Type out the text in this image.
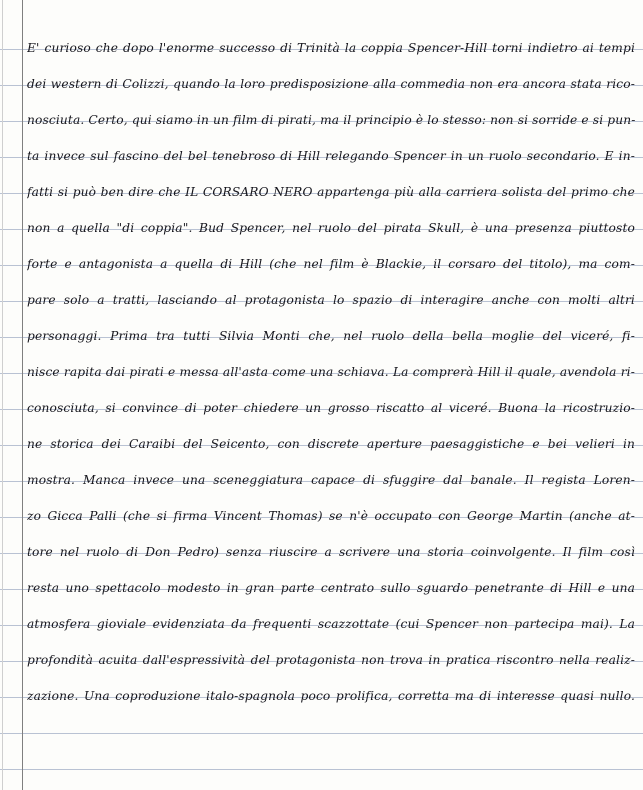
E' curioso che dopo l'enorme successo di Trinità la coppia Spencer-Hill torni indietro ai tempi
dei western di Colizzi, quando la loro predisposizione alla commedia non era ancora stata rico-
nosciuta. Certo, qui siamo in un film di pirati, ma il principio è lo stesso: non si sorride e si pun-
ta invece sul fascino del bel tenebroso di Hill relegando Spencer in un ruolo secondario. E in-
fatti si può ben dire che IL CORSARO NERO appartenga più alla carriera solista del primo che
non a quella "di coppia". Bud Spencer, nel ruolo del pirata Skull, è una presenza piuttosto
forte e antagonista a quella di Hill (che nel film è Blackie, il corsaro del titolo), ma com-
pare solo a tratti, lasciando al protagonista lo spazio di interagire anche con molti altri
personaggi. Prima tra tutti Silvia Monti che, nel ruolo della bella moglie del viceré, fi-
nisce rapita dai pirati e messa all'asta come una schiava. La comprerà Hill il quale, avendola ri-
conosciuta, si convince di poter chiedere un grosso riscatto al viceré. Buona la ricostruzio-
ne storica dei Caraibi del Seicento, con discrete aperture paesaggistiche e bei velieri in
mostra. Manca invece una sceneggiatura capace di sfuggire dal banale. Il regista Loren-
zo Gicca Palli (che si firma Vincent Thomas) se n'è occupato con George Martin (anche at-
tore nel ruolo di Don Pedro) senza riuscire a scrivere una storia coinvolgente. Il film così
resta uno spettacolo modesto in gran parte centrato sullo sguardo penetrante di Hill e una
atmosfera gioviale evidenziata da frequenti scazzottate (cui Spencer non partecipa mai). La
profondità acuita dall'espressività del protagonista non trova in pratica riscontro nella realiz-
zazione. Una coproduzione italo-spagnola poco prolifica, corretta ma di interesse quasi nullo.
